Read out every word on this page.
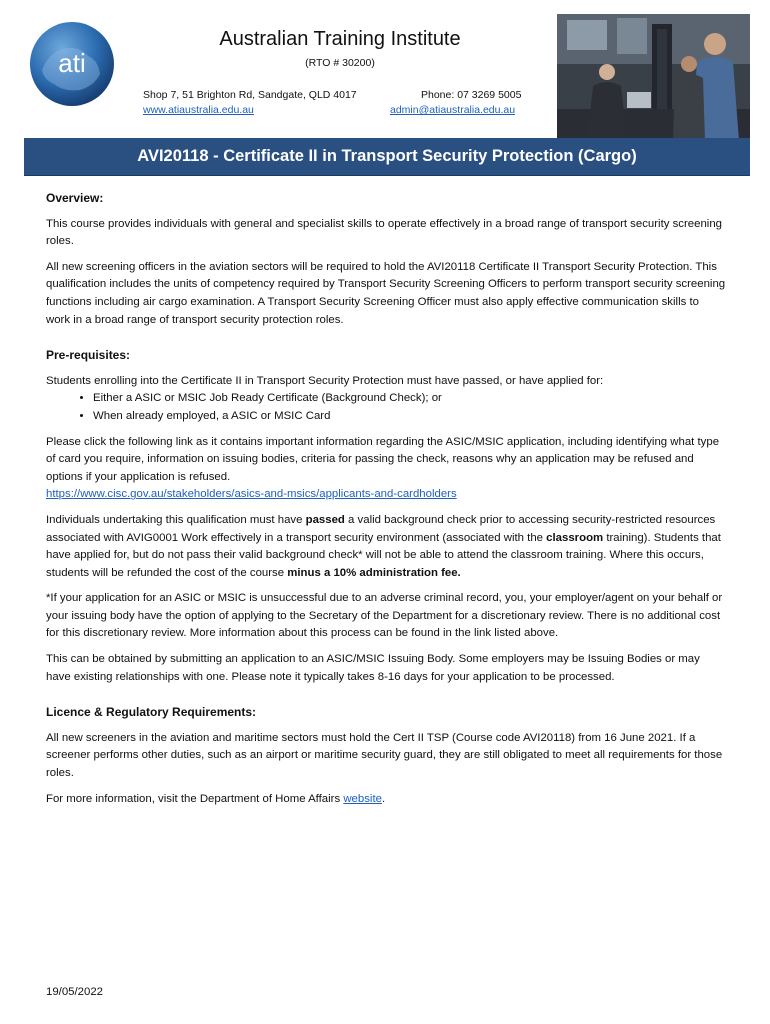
ati
Australian Training Institute
(RTO # 30200)
Shop 7, 51 Brighton Rd, Sandgate, QLD 4017	Phone: 07 3269 5005
www.atiaustralia.edu.au	admin@atiaustralia.edu.au
AVI20118 - Certificate II in Transport Security Protection (Cargo)

Overview:

This course provides individuals with general and specialist skills to operate effectively in a broad range of transport security screening roles.

All new screening officers in the aviation sectors will be required to hold the AVI20118 Certificate II Transport Security Protection. This qualification includes the units of competency required by Transport Security Screening Officers to perform transport security screening functions including air cargo examination. A Transport Security Screening Officer must also apply effective communication skills to work in a broad range of transport security protection roles.

Pre-requisites:

Students enrolling into the Certificate II in Transport Security Protection must have passed, or have applied for:

• Either a ASIC or MSIC Job Ready Certificate (Background Check); or
• When already employed, a ASIC or MSIC Card

Please click the following link as it contains important information regarding the ASIC/MSIC application, including identifying what type of card you require, information on issuing bodies, criteria for passing the check, reasons why an application may be refused and options if your application is refused.

https://www.cisc.gov.au/stakeholders/asics-and-msics/applicants-and-cardholders

Individuals undertaking this qualification must have passed a valid background check prior to accessing security-restricted resources associated with AVIG0001 Work effectively in a transport security environment (associated with the classroom training). Students that have applied for, but do not pass their valid background check* will not be able to attend the classroom training. Where this occurs, students will be refunded the cost of the course minus a 10% administration fee.

*If your application for an ASIC or MSIC is unsuccessful due to an adverse criminal record, you, your employer/agent on your behalf or your issuing body have the option of applying to the Secretary of the Department for a discretionary review. There is no additional cost for this discretionary review. More information about this process can be found in the link listed above.

This can be obtained by submitting an application to an ASIC/MSIC Issuing Body. Some employers may be Issuing Bodies or may have existing relationships with one. Please note it typically takes 8-16 days for your application to be processed.

Licence & Regulatory Requirements:

All new screeners in the aviation and maritime sectors must hold the Cert II TSP (Course code AVI20118) from 16 June 2021. If a screener performs other duties, such as an airport or maritime security guard, they are still obligated to meet all requirements for those roles.

For more information, visit the Department of Home Affairs website.

19/05/2022
